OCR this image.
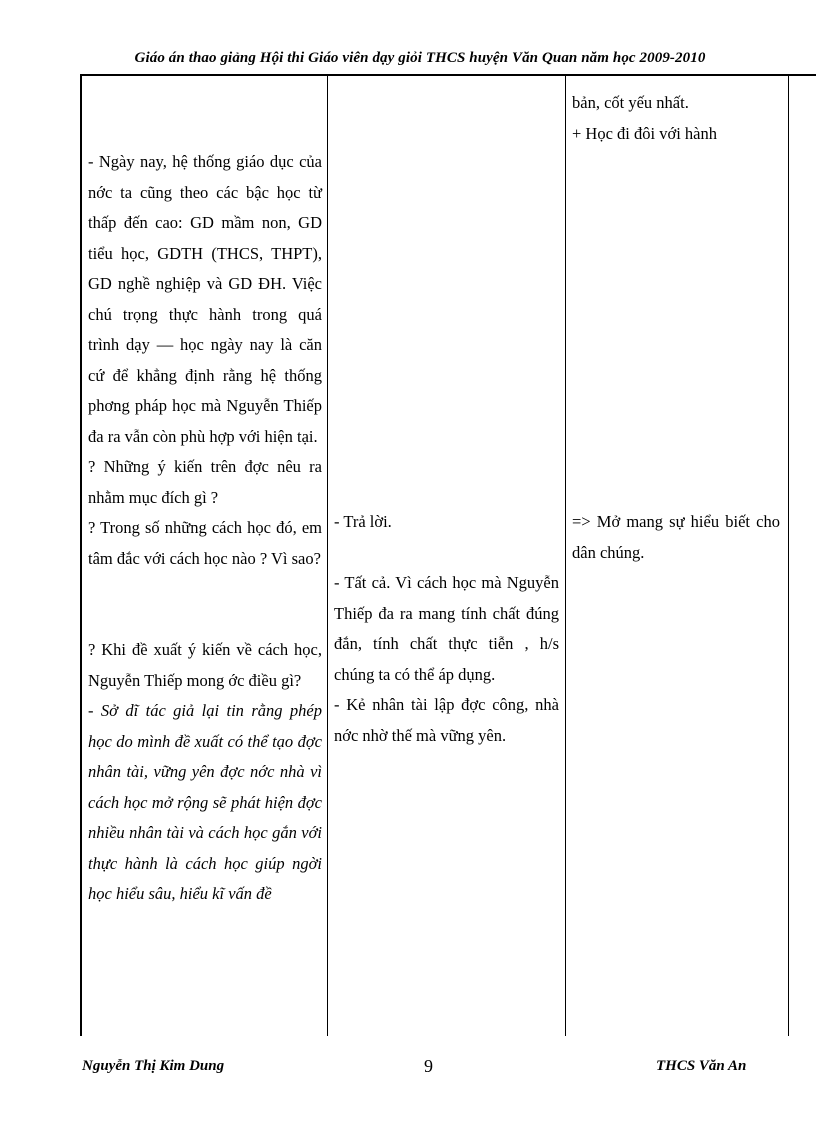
Giáo án thao giảng Hội thi Giáo viên dạy giỏi THCS huyện Văn Quan năm học 2009-2010

- Ngày nay, hệ thống giáo dục của nớc ta cũng theo các bậc học từ thấp đến cao: GD mầm non, GD tiểu học, GDTH (THCS, THPT), GD nghề nghiệp và GD ĐH. Việc chú trọng thực hành trong quá trình dạy — học ngày nay là căn cứ để khẳng định rằng hệ thống phơng pháp học mà Nguyễn Thiếp đa ra vẫn còn phù hợp với hiện tại.

? Những ý kiến trên đợc nêu ra nhằm mục đích gì ?

? Trong số những cách học đó, em tâm đắc với cách học nào ? Vì sao?

? Khi đề xuất ý kiến về cách học, Nguyễn Thiếp mong ớc điều gì?

- Sở dĩ tác giả lại tin rằng phép học do mình đề xuất có thể tạo đợc nhân tài, vững yên đợc nớc nhà vì cách học mở rộng sẽ phát hiện đợc nhiều nhân tài và cách học gắn với thực hành là cách học giúp ngời học hiểu sâu, hiểu kĩ vấn đề

- Trả lời.

- Tất cả. Vì cách học mà Nguyễn Thiếp đa ra mang tính chất đúng đắn, tính chất thực tiễn , h/s chúng ta có thể áp dụng.

- Kẻ nhân tài lập đợc công, nhà nớc nhờ thế mà vững yên.

bản, cốt yếu nhất.

+ Học đi đôi với hành

=> Mở mang sự hiểu biết cho dân chúng.

Nguyễn Thị Kim Dung	9	THCS Văn An
